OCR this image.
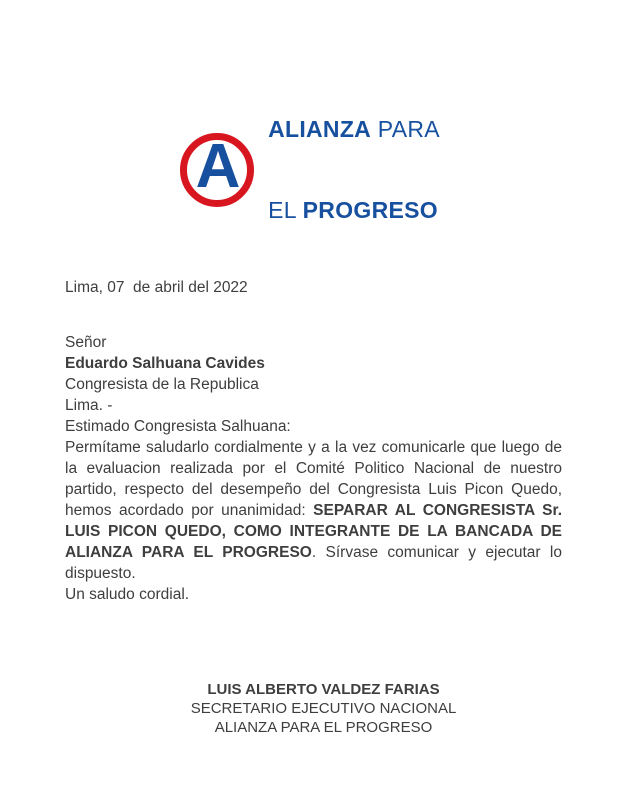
A

ALIANZA PARA

EL PROGRESO

Lima, 07  de abril del 2022

Señor

Eduardo Salhuana Cavides

Congresista de la Republica

Lima. -

Estimado Congresista Salhuana:

Permítame saludarlo cordialmente y a la vez comunicarle que luego de la evaluacion realizada por el Comité Politico Nacional de nuestro partido, respecto del desempeño del Congresista Luis Picon Quedo, hemos acordado por unanimidad: SEPARAR AL CONGRESISTA Sr. LUIS PICON QUEDO, COMO INTEGRANTE DE LA BANCADA DE ALIANZA PARA EL PROGRESO. Sírvase comunicar y ejecutar lo dispuesto.

Un saludo cordial.

LUIS ALBERTO VALDEZ FARIAS

SECRETARIO EJECUTIVO NACIONAL

ALIANZA PARA EL PROGRESO
